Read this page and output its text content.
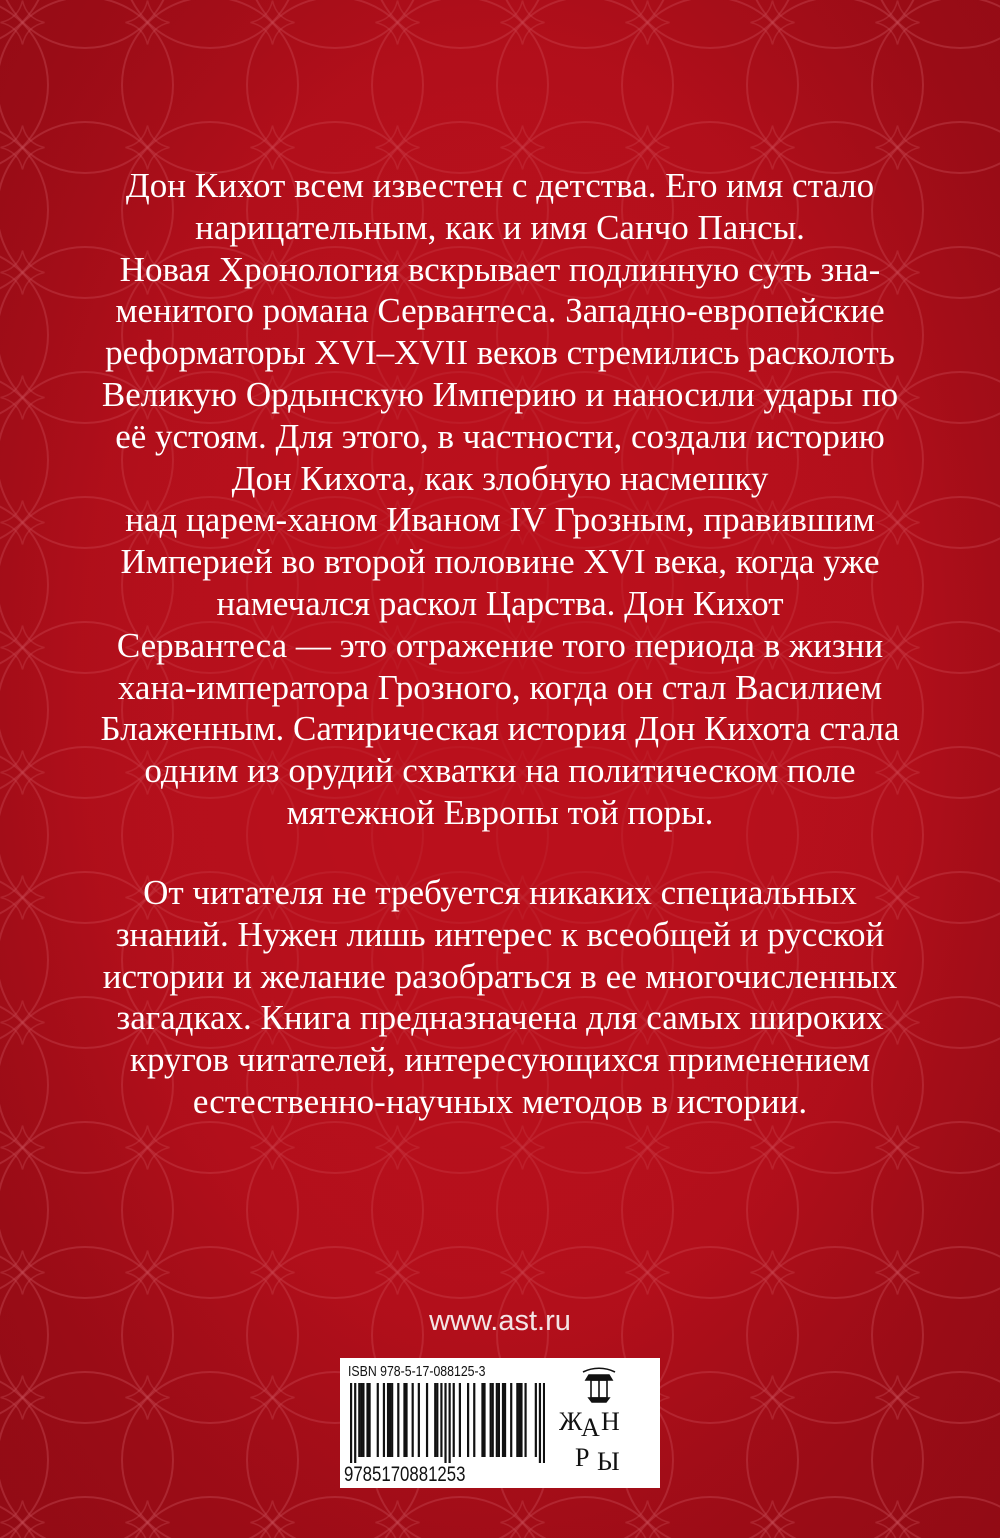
Дон Кихот всем известен с детства. Его имя стало
нарицательным, как и имя Санчо Пансы.
Новая Хронология вскрывает подлинную суть зна-
менитого романа Сервантеса. Западно-европейские
реформаторы XVI–XVII веков стремились расколоть
Великую Ордынскую Империю и наносили удары по
её устоям. Для этого, в частности, создали историю
Дон Кихота, как злобную насмешку
над царем-ханом Иваном IV Грозным, правившим
Империей во второй половине XVI века, когда уже
намечался раскол Царства. Дон Кихот
Сервантеса — это отражение того периода в жизни
хана-императора Грозного, когда он стал Василием
Блаженным. Сатирическая история Дон Кихота стала
одним из орудий схватки на политическом поле
мятежной Европы той поры.
От читателя не требуется никаких специальных
знаний. Нужен лишь интерес к всеобщей и русской
истории и желание разобраться в ее многочисленных
загадках. Книга предназначена для самых широких
кругов читателей, интересующихся применением
естественно-научных методов в истории.
www.ast.ru
ISBN 978-5-17-088125-3
9785170881253
Ж
А Н
Р Ы
